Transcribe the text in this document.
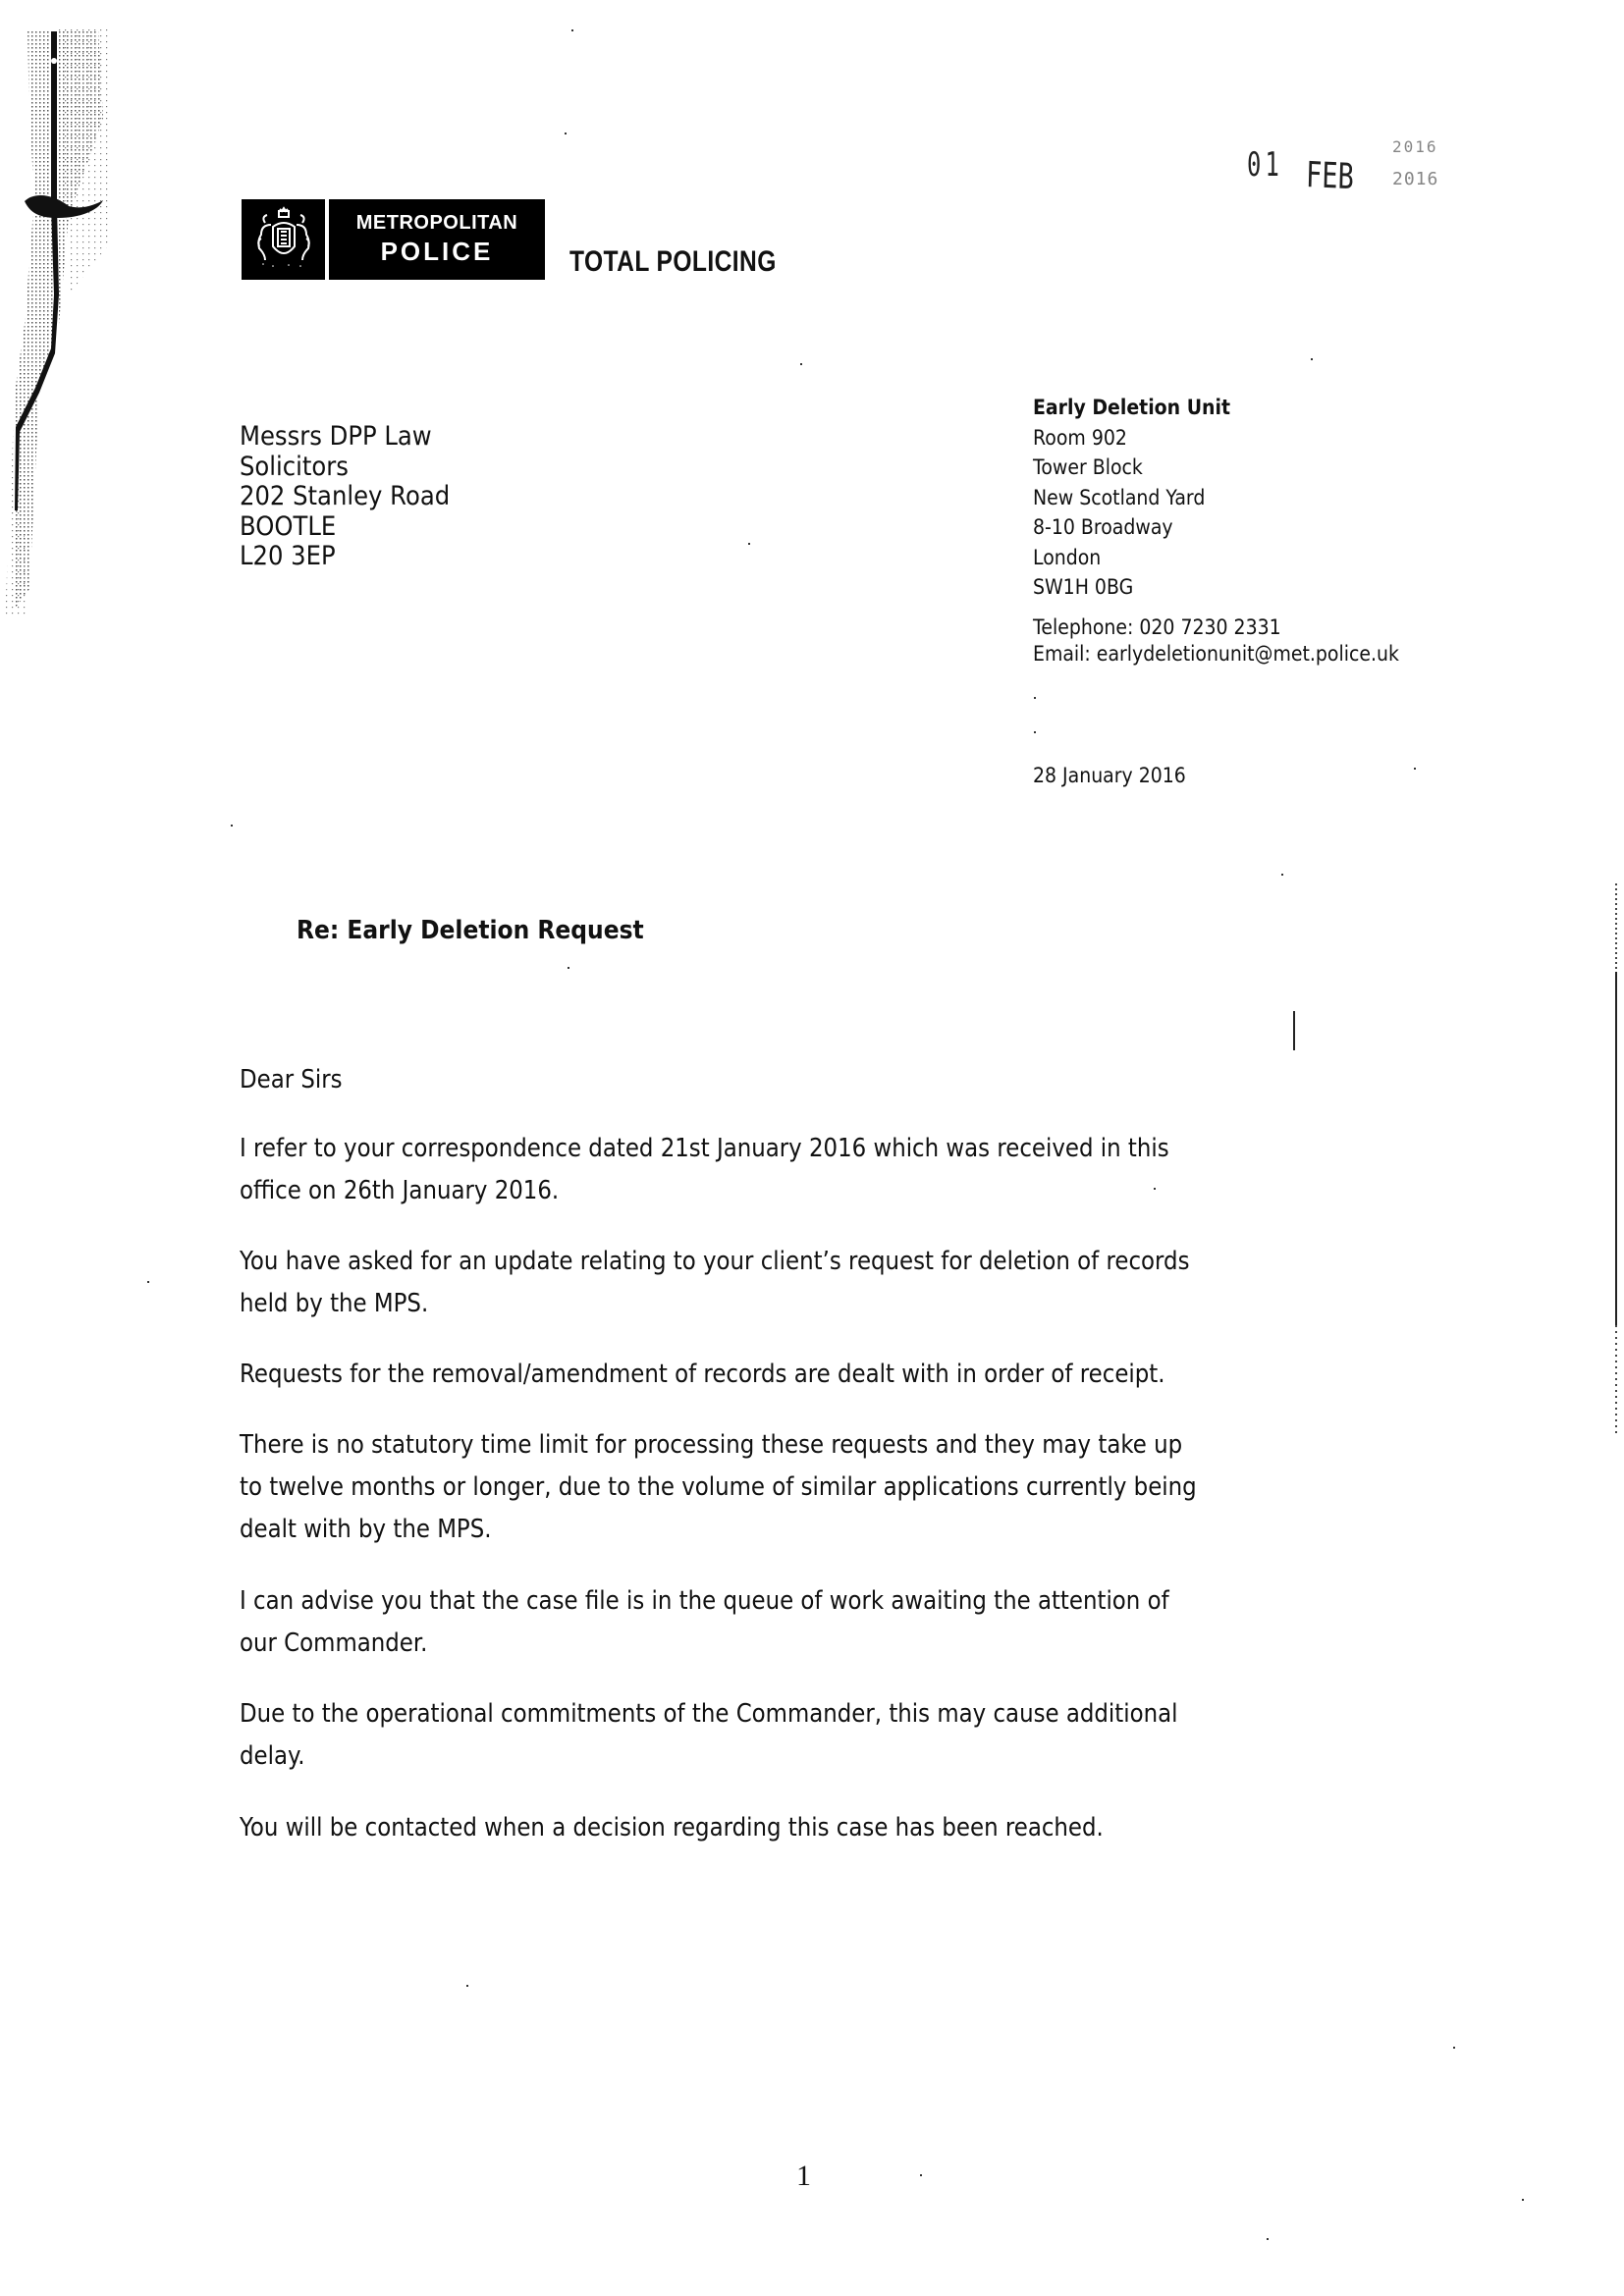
01 FEB
2016
2016
METROPOLITAN
POLICE	TOTAL POLICING
Messrs DPP Law
Solicitors
202 Stanley Road
BOOTLE
L20 3EP
Early Deletion Unit
Room 902
Tower Block
New Scotland Yard
8-10 Broadway
London
SW1H 0BG
Telephone: 020 7230 2331
Email: earlydeletionunit@met.police.uk
28 January 2016
Re: Early Deletion Request
Dear Sirs
I refer to your correspondence dated 21st January 2016 which was received in this
office on 26th January 2016.
You have asked for an update relating to your client’s request for deletion of records
held by the MPS.
Requests for the removal/amendment of records are dealt with in order of receipt.
There is no statutory time limit for processing these requests and they may take up
to twelve months or longer, due to the volume of similar applications currently being
dealt with by the MPS.
I can advise you that the case file is in the queue of work awaiting the attention of
our Commander.
Due to the operational commitments of the Commander, this may cause additional
delay.
You will be contacted when a decision regarding this case has been reached.
1
